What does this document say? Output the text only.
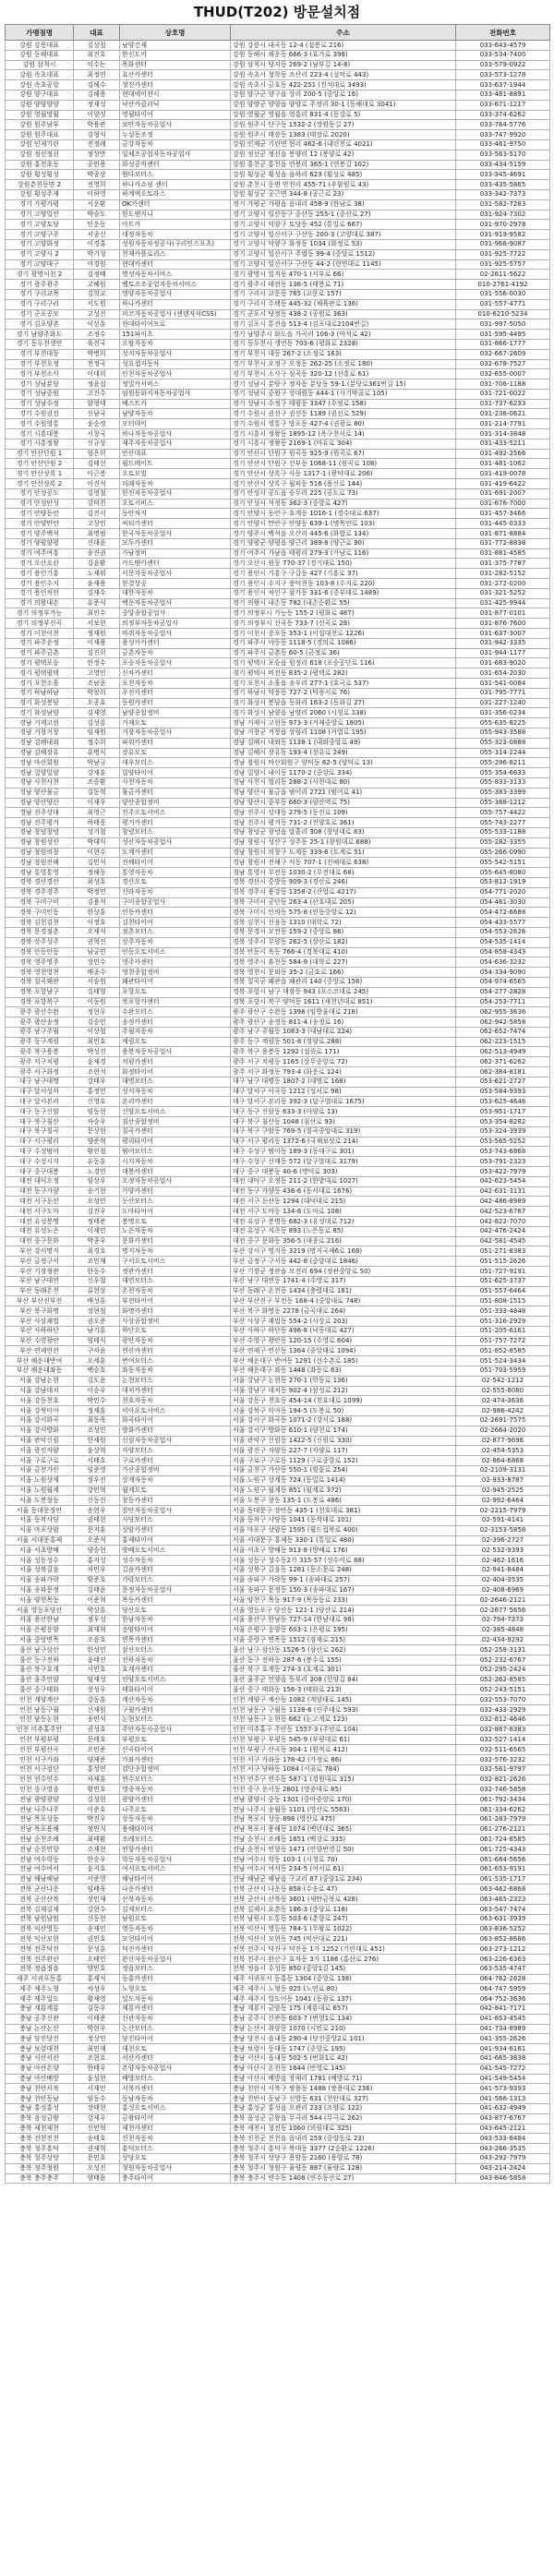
THUD(T202) 방문설치점
가맹점명	대표	상호명	주소	전화번호
강원 강릉대표	김상철	남양건재	강원 강릉시 내곡동 12-4 (접봉로 216)	033-643-4579
강원 동해대표	최진호	한신도어	강원 동해시 쇄운동 666-3 (효가로 398)	033-534-7400
강원 삼척시	이수는	목화센터	강원 삼척시 당저동 269-2 (남부길 14-8)	033-579-0922
강원 속초대표	최정연	효산카센터	강원 속초시 청학동 조산리 223-4 (설악로 443)	033-573-1278
강원 속초공항	김해수	청진카센터	강원 속초시 금호동 422-251 (진석대로 3493)	033-637-1944
강원 양구대표	김해용	현대에이전시	강원 양구군 양구읍 상리 200-5 (중앙로 16)	033-481-8891
강원 양양양양	정재성	낙산카클리닉	강원 양양군 양양읍 양양로 주정리 30-1 (동해대로 3041)	033-671-1217
강원 영월영월	이양성	영월타이어	강원 영월군 영월읍 영흥리 831-4 (동강로 5)	033-374-6262
강원 원주남부	박용관	보안자동차공업사	강원 원주시 단구동 1532-2 (장원동길 27)	033-764-5776
강원 원주대표	김형식	누설동조정	강원 원주시 태장동 1383 (태장로 2020)	033-747-9920
강원 인제기린	진정례	금강자동차	강원 인제군 기린면 현리 462-6 (내린천로 4021)	033-461-9750
강원 정선정선	정상만	일체조공업자동차공업사	강원 정선군 정선읍 봉양리 12 (봉양로 42)	033-563-5170
강원 홍천초동	공민용	화성공작센터	강원 홍천군 홍천읍 연봉리 365-1 (연봉길 102)	033-434-5159
강원 횡성횡성	박종상	원다모터스	강원 횡성군 횡성읍 읍하리 623 (횡성로 485)	033-345-4691
강원춘천동면 2	전영희	하나카쇼핑 센터	강원 춘천시 동면 만천리 455-71 (우함원로 43)	033-435-5865
강원 횡성주재	이하영	하계엑오토라스	강원 횡성군 공근면 344-8 (공근로 23)	033-342-7373
경기 가평가평	서운환	OK카센터	경기 가평군 가평읍 읍내리 458-9 (한남로 38)	031-582-7283
경기 고양일산	박승도	한도엔지니	경기 고양시 일산동구 중산동 255-1 (중산로 27)	031-924-7302
경기 고양토당	민운동	아트카	경기 고양시 덕양구 토당동 452 (통일로 667)	031-970-2978
경기 고양구주	서종신	대정자동차	경기 고양시 일산서구 구산동 200-3 (고양대로 387)	031-919-9582
경기 고양화정	이경홍	성원자동차정공사(구리민스포츠)	경기 고양시 덕양구 화정동 1034 (화정로 53)	031-966-9087
경기 고양시 2	박기청	천재카플로리스	경기 고양시 일산서구 주엽동 99-4 (중앙로 1512)	031-925-7722
경기 고양대구	이경원	현대카센터	경기 고양시 일산서구 구산동 44-2 (현연대로 1145)	031-925-5757
경기 광명이천 2	김정배	명성자동차서비스	경기 광명시 일직동 470-1 (서부로 66)	02-2611-5622
경기 광주광주	고혜원	벨토조조공업자동차서비스	경기 광주시 태전동 136-5 (태봉로 71)	010-2761-4192
경기 구리교목	김학교	영양자동차공업사	경기 구리시 교문동 765 (교문로 157)	031-556-0030
경기 구리구리	서도원	하나카센터	경기 구리시 수택동 445-32 (체육관로 136)	031-557-4771
경기 군포공모	고성진	미코자동차공업사 (센텐자식CSS)	경기 군포시 당정동 438-2 (공원로 363)	010-6210-5234
경기 김포양촌	이상훈	현대타이어프로	경기 김포시 통진읍 513-4 (김포대로2104번길)	031-997-5050
경기 남양주화도	조정수	151파이츠	경기 남양주시 화도읍 가곡리 106-3 (마석로 42)	031-595-4495
경기 동두천생연	육진국	오팔자동차	경기 동두천시 생연동 703-6 (평화로 2328)	031-866-1777
경기 부천대동	박병희	성지자동차공업사	경기 부천시 대동 267-2 (소정로 163)	032-667-2609
경기 부천오정	전정국	성요셉자동차	경기 부천시 오정구 오정동 262-25 (소정로 180)	032-678-7527
경기 부천소사	이대희	인천자동차공업사	경기 부천시 소사구 심곡동 320-12 (신흥로 61)	032-655-0007
경기 성남분당	정윤섭	정밀카서비스	경기 성남시 분당구 정자동 분당동 59-1 (분당로361번길 15)	031-706-1188
경기 성남중원	고진수	임원동화지자동차공업사	경기 성남시 중원구 상대원동 444-1 (사기막골로 105)	031-721-0022
경기 성남수정	함형태	베스트카	경기 성남시 수정구 태평동 3347 (수정로 158)	031-737-6233
경기 수원권선	신남국	남양자동차	경기 수원시 권선구 권선동 1189 (권선로 529)	031-236-0621
경기 수원영통	윤순정	모터데이	경기 수원시 영통구 망포동 427-4 (권광로 80)	031-214-7791
경기 시흥대봉	서창국	하나자동차공업사	경기 시흥시 정왕동 1895-12 (옥구천서로 14)	031-314-3848
경기 시흥정왕	신규상	재주자동차공업사	경기 시흥시 정왕동 2169-1 (마유로 304)	031-433-5211
경기 안산단원 1	엄은희	안산대표	경기 안산시 단원구 원곡동 925-9 (원곡로 67)	031-492-2566
경기 안산단원 2	김태선	월드메이트	경기 안산시 단원구 선부동 1068-11 (원곡로 108)	031-481-1062
경기 안산상록 1	이근봉	오토모빌	경기 안산시 상록구 사동 1317-1 (광덕대로 206)	031-419-0078
경기 안산상록 2	이진석	미래자동차	경기 안산시 상록구 월피동 516 (용신로 144)	031-419-6422
경기 안성공도	김영철	한진자동차공업사	경기 안성시 공도읍 승두리 225 (공도로 73)	031-691-2007
경기 안성안성	강덕천	오토서비스	경기 안성시 석정동 362-3 (중앙로 427)	031-676-7000
경기 안양동안	김진서	동안차지	경기 안양시 동안구 호계동 1016-1 (경수대로 637)	031-457-3466
경기 안양만안	고상민	씨티카센터	경기 안양시 만안구 안양동 639-1 (병목안로 103)	031-445-0333
경기 양주백석	최명범	한국자동차공업사	경기 양주시 백석읍 오산리 445-6 (화합로 134)	031-871-8884
경기 양평양평	신대윤	모두카센터	경기 양평군 양평읍 양근리 389-8 (양근로 90)	031-772-8838
경기 여주여흥	송진권	가남정비	경기 여주시 가남읍 태평리 279-3 (가남로 116)	031-881-4585
경기 오산오산	김윤환	카드맨카센터	경기 오산시 원동 770-37 (경기대로 150)	031-375-7787
경기 용인기흥	노재휘	서문자동차공업사	경기 용인시 기흥구 구갈동 427 (기흥로 37)	031-282-5152
경기 용인수지	윤재용	한결상공	경기 용인시 수지구 풍덕천동 103-8 (수지로 220)	031-272-0200
경기 용인처인	김재수	대한자동차	경기 용인시 처인구 삼가동 331-6 (중부대로 1489)	031-321-5252
경기 의왕내손	유준식	백운자동차공업사	경기 의왕시 내손동 782 (내손순환로 55)	031-425-9944
경기 의정부가능	최인수	중앙종합공업사	경기 의정부시 가능동 155-2 (평화로 487)	031-877-0101
경기 의정부신곡	서보현	의정부자동차공업사	경기 의정부시 신곡동 733-7 (신곡로 28)	031-876-7600
경기 이천이천	정재원	바퀴자동차공업사	경기 이천시 증포동 353-1 (이섭대천로 1226)	031-637-3007
경기 파주운정	이재용	용성카카센터	경기 파주시 야동동 1118-5 (경의로 1086)	031-942-3335
경기 파주금촌	김진희	금촌자동차	경기 파주시 금촌동 60-5 (금정로 36)	031-944-1177
경기 평택포승	한정수	포승자동차공업사	경기 평택시 포승읍 원정리 618 (포승공단로 116)	031-683-9020
경기 평택평택	고영민	신차카센터	경기 평택시 비전동 835-2 (평택로 282)	031-654-2030
경기 포천소흘	조남윤	포천자동차	경기 포천시 소흘읍 송우리 277-1 (호국로 537)	031-541-0084
경기 하남하남	박창희	우진카센터	경기 하남시 덕풍동 727-2 (덕풍서로 76)	031-795-7771
경기 화성봉담	오종호	동원카센터	경기 화성시 봉담읍 동화리 163-2 (동화길 27)	031-227-1240
경기 화성남양	김재영	남양종합정비	경기 화성시 남양읍 남양리 2060 (시청로 138)	031-356-0234
경남 거제고현	김성룡	거제오토	경남 거제시 고현동 973-3 (거제중앙로 1805)	055-635-8225
경남 거창거창	임재원	거창자동차공업사	경남 거창군 거창읍 상림리 1108 (거열로 195)	055-943-3588
경남 김해내외	정수희	파워카센터	경남 김해시 내외동 1138-1 (내외중앙로 49)	055-323-0888
경남 김해장유	유명식	장유오토	경남 김해시 장유동 193-4 (장유로 249)	055-314-2244
경남 마산회원	박남규	대우모터스	경남 창원시 마산회원구 양덕동 82-5 (양덕로 13)	055-296-8211
경남 밀양밀양	강재훈	밀양타이어	경남 밀양시 내이동 1170-2 (중앙로 334)	055-354-6633
경남 사천사천	조승환	사천자동차	경남 사천시 벌리동 288-2 (사천대로 80)	055-833-3133
경남 양산물금	김동혁	물금카센터	경남 양산시 물금읍 범어리 2721 (범어로 41)	055-383-3399
경남 양산양산	이재우	양산종합정비	경남 양산시 중부동 660-3 (양산역로 75)	055-388-1212
경남 진주상대	최영근	진주오토서비스	경남 진주시 상대동 279-5 (동진로 109)	055-757-4422
경남 진주평거	하태웅	평거카센터	경남 진주시 평거동 731-2 (진양호로 361)	055-743-2277
경남 창녕창녕	성기철	창녕모터스	경남 창녕군 창녕읍 말흘리 308 (창녕대로 83)	055-533-1188
경남 창원성산	박대식	성산자동차공업사	경남 창원시 성산구 성주동 25-1 (창원대로 688)	055-282-3355
경남 창원의창	이현수	도계카센터	경남 창원시 의창구 도계동 339-6 (도계로 51)	055-266-0990
경남 창원진해	김민석	진해타이어	경남 창원시 진해구 석동 707-1 (진해대로 638)	055-542-5151
경남 통영통영	정해동	통영자동차	경남 통영시 무전동 1030-2 (무전대로 68)	055-645-8080
경북 경산경산	최성호	경산오토	경북 경산시 중방동 909-3 (경산로 246)	053-812-1919
경북 경주경주	박정민	신라자동차	경북 경주시 용강동 1358-2 (산업로 4217)	054-771-2020
경북 구미구미	김용석	구미종합공업사	경북 구미시 공단동 263-4 (산호대로 205)	054-461-3030
경북 구미인동	한상훈	인동카센터	경북 구미시 인의동 575-8 (인동중앙로 12)	054-472-6688
경북 김천김천	이정호	김천타이어	경북 김천시 신음동 1310 (대학로 72)	054-433-5577
경북 문경점촌	오재석	점촌모터스	경북 문경시 모전동 159-2 (중앙로 86)	054-553-2626
경북 상주상주	권혁진	상주자동차	경북 상주시 무양동 262-5 (상산로 182)	054-535-1414
경북 안동안동	남궁민	안동오토서비스	경북 안동시 옥동 766-4 (경북대로 410)	054-858-4343
경북 영주영주	장민수	영주카센터	경북 영주시 휴천동 584-9 (대학로 227)	054-636-3232
경북 영천영천	배종수	영천종합정비	경북 영천시 문외동 35-2 (금호로 166)	054-334-9090
경북 칠곡왜관	서승원	왜관타이어	경북 칠곡군 왜관읍 왜관리 140 (중앙로 158)	054-974-6565
경북 포항남구	김태형	포항오토	경북 포항시 남구 대잠동 943 (포스코대로 245)	054-277-2828
경북 포항북구	이동원	북포항카센터	경북 포항시 북구 양덕동 1611 (새천년대로 851)	054-253-7711
광주 광산수완	정현우	수완모터스	광주 광산구 수완동 1398 (임방울대로 218)	062-955-3636
광주 광산송정	김승민	송정카센터	광주 광산구 송정동 811-4 (송정로 16)	062-942-5858
광주 남구주월	이상철	주월자동차	광주 남구 주월동 1083-3 (대남대로 224)	062-652-7474
광주 동구계림	최민호	계림오토	광주 동구 계림동 501-8 (경양로 288)	062-223-1515
광주 북구용봉	박성진	용봉자동차공업사	광주 북구 용봉동 1292 (설죽로 171)	062-513-4949
광주 서구치평	윤재경	치평카센터	광주 서구 치평동 1165 (상무중앙로 72)	062-371-6262
광주 서구화정	조현석	화정타이어	광주 서구 화정동 793-4 (화운로 124)	062-384-8181
대구 남구대명	강태우	대명모터스	대구 남구 대명동 1807-2 (대명로 168)	053-621-2727
대구 달서성서	홍정민	성서자동차	대구 달서구 이곡동 1212 (성서로 98)	053-584-9393
대구 달서본리	신영호	본리카센터	대구 달서구 본리동 392-3 (달구벌대로 1675)	053-625-4646
대구 동구신암	임동현	신암오토서비스	대구 동구 신암동 633-3 (아양로 13)	053-951-1717
대구 북구침산	차승우	침산종합정비	대구 북구 침산동 1048 (침산로 93)	053-354-8282
대구 북구칠곡	문상현	칠곡카센터	대구 북구 구암동 769-5 (칠곡중앙대로 319)	053-324-3939
대구 서구평리	양준혁	평리타이어	대구 서구 평리동 1372-6 (국채보상로 214)	053-565-5252
대구 수성범어	황인철	범어모터스	대구 수성구 범어동 189-3 (동대구로 301)	053-743-6868
대구 수성시지	유동훈	시지자동차	대구 수성구 신매동 572 (달구벌대로 3179)	053-791-2323
대구 중구대봉	노경민	대봉카센터	대구 중구 대봉동 40-6 (명덕로 303)	053-422-7979
대전 대덕오정	임상우	오정자동차공업사	대전 대덕구 오정동 211-2 (한밭대로 1027)	042-623-5454
대전 동구가양	송기현	가양카센터	대전 동구 가양동 436-6 (동서대로 1676)	042-631-3131
대전 서구둔산	오성민	둔산모터스	대전 서구 둔산동 1294 (대덕대로 215)	042-486-8989
대전 서구도마	김진우	도마타이어	대전 서구 도마동 134-6 (도마로 108)	042-523-6767
대전 유성봉명	정태준	봉명오토	대전 유성구 봉명동 682-3 (유성대로 712)	042-822-7070
대전 유성노은	이재민	노은자동차	대전 유성구 지족동 893 (노은동로 85)	042-476-2424
대전 중구문화	박종우	문화카센터	대전 중구 문화동 356-5 (대종로 216)	042-581-4545
부산 강서명지	최경호	명지자동차	부산 강서구 명지동 3219 (명지국제6로 168)	051-271-8383
부산 금정구서	조민재	구서오토서비스	부산 금정구 구서동 442-8 (중앙대로 1846)	051-515-2626
부산 기장정관	한동수	정관카센터	부산 기장군 정관읍 모전리 694 (정관중앙로 50)	051-727-9191
부산 남구대연	신우철	대연모터스	부산 남구 대연동 1741-4 (수영로 317)	051-625-3737
부산 동래온천	류현상	온천자동차	부산 동래구 온천동 1434 (충렬대로 181)	051-557-6464
부산 부산진부전	배성훈	부전타이어	부산 부산진구 부전동 168-4 (중앙대로 748)	051-808-1515
부산 북구화명	장현철	화명카센터	부산 북구 화명동 2278 (금곡대로 264)	051-333-4848
부산 사상괘법	권오준	사상종합정비	부산 사상구 괘법동 554-2 (사상로 203)	051-316-2929
부산 사하하단	남기훈	하단오토	부산 사하구 하단동 496-8 (낙동대로 427)	051-205-6161
부산 수영광안	엄태식	광안자동차	부산 수영구 광안동 120-15 (수영로 604)	051-757-7272
부산 연제연산	구자윤	연산카센터	부산 연제구 연산동 1364 (중앙대로 1094)	051-852-8585
부산 해운대반여	오세훈	반여모터스	부산 해운대구 반여동 1291 (선수촌로 185)	051-524-3434
부산 해운대좌동	백승호	좌동자동차	부산 해운대구 좌동 1448 (좌동로 63)	051-703-5959
서울 강남논현	김도윤	논현모터스	서울 강남구 논현동 270-1 (학동로 136)	02-542-1212
서울 강남대치	이승우	대치카센터	서울 강남구 대치동 902-4 (삼성로 212)	02-555-8080
서울 강동천호	박민수	천호자동차	서울 강동구 천호동 454-14 (천호대로 1099)	02-474-3636
서울 강북미아	정재훈	미아오토서비스	서울 강북구 미아동 194-5 (도봉로 50)	02-986-4242
서울 강서화곡	최동욱	화곡타이어	서울 강서구 화곡동 1071-2 (강서로 188)	02-2691-7575
서울 강서방화	조성민	방화카센터	서울 강서구 방화동 610-1 (양천로 174)	02-2664-2020
서울 관악신림	한재원	신림자동차공업사	서울 관악구 신림동 1422-5 (신림로 330)	02-877-9696
서울 광진자양	윤상혁	자양모터스	서울 광진구 자양동 227-7 (자양로 117)	02-454-5353
서울 구로구로	서태호	구로카센터	서울 구로구 구로동 1129 (구로중앙로 152)	02-864-6868
서울 금천가산	임준영	가산종합정비	서울 금천구 가산동 550-1 (벚꽃로 254)	02-2109-3131
서울 노원상계	장우진	상계자동차	서울 노원구 상계동 724 (동일로 1414)	02-933-8787
서울 노원월계	강민혁	월계오토	서울 노원구 월계동 851 (월계로 372)	02-945-2525
서울 도봉창동	신동진	창동카센터	서울 도봉구 창동 135-1 (도봉로 486)	02-992-6464
서울 동대문장안	송현우	장안자동차공업사	서울 동대문구 장안동 435-1 (천호대로 381)	02-2215-7979
서울 동작사당	권태현	사당모터스	서울 동작구 사당동 1041 (동작대로 101)	02-591-4141
서울 마포상암	문지훈	상암카센터	서울 마포구 상암동 1595 (월드컵북로 400)	02-3153-5858
서울 서대문홍제	오준석	홍제타이어	서울 서대문구 홍제동 330-1 (통일로 480)	02-396-2727
서울 서초방배	양승현	방배오토서비스	서울 서초구 방배동 913-8 (방배로 176)	02-532-9393
서울 성동성수	홍지성	성수자동차	서울 성동구 성수동2가 315-57 (성수이로 88)	02-462-1616
서울 성북길음	차민우	길음카센터	서울 성북구 길음동 1281 (동소문로 248)	02-941-8484
서울 송파가락	황준호	가락모터스	서울 송파구 가락동 99-1 (송파대로 257)	02-404-3535
서울 송파문정	김태윤	문정자동차공업사	서울 송파구 문정동 150-3 (송파대로 167)	02-408-6969
서울 양천목동	이준혁	목동카센터	서울 양천구 목동 917-9 (목동동로 233)	02-2646-2121
서울 영등포당산	박상훈	당산오토	서울 영등포구 당산동 121-1 (당산로 214)	02-2677-5656
서울 용산한남	정우성	한남자동차	서울 용산구 한남동 727-14 (한남대로 98)	02-794-7373
서울 은평응암	최재혁	응암타이어	서울 은평구 응암동 603-1 (은평로 195)	02-385-4848
서울 중랑면목	조윤호	면목카센터	서울 중랑구 면목동 1512 (겸재로 215)	02-434-9292
울산 남구삼산	한성민	삼산모터스	울산 남구 삼산동 1526-5 (삼산로 262)	052-258-3131
울산 동구전하	윤태진	전하자동차	울산 동구 전하동 287-6 (봉수로 155)	052-232-6767
울산 북구호계	서민호	호계카센터	울산 북구 호계동 274-3 (호계로 301)	052-295-2424
울산 울주언양	임재성	언양오토서비스	울산 울주군 언양읍 동부리 308 (헌양길 84)	052-262-8585
울산 중구태화	장성우	태화타이어	울산 중구 태화동 156-3 (태화로 213)	052-243-5151
인천 계양계산	강동훈	계산자동차	인천 계양구 계산동 1082 (계양대로 145)	032-553-7070
인천 남동구월	신재원	구월카센터	인천 남동구 구월동 1138-6 (인주대로 593)	032-433-2929
인천 남동논현	송민석	논현모터스	인천 남동구 논현동 662 (논고개로 123)	032-812-4646
인천 미추홀주안	권성호	주안자동차공업사	인천 미추홀구 주안동 1557-3 (주안로 104)	032-867-8383
인천 부평부평	문태호	부평오토	인천 부평구 부평동 545-9 (부평대로 61)	032-527-1414
인천 부평산곡	오민준	산곡타이어	인천 부평구 산곡동 304-1 (원적로 412)	032-511-6565
인천 서구가좌	양재준	가좌카센터	인천 서구 가좌동 178-42 (가정로 86)	032-576-3232
인천 서구검단	홍성민	검단종합정비	인천 서구 당하동 1084 (서곶로 784)	032-561-9797
인천 연수연수	차재훈	연수모터스	인천 연수구 연수동 587-1 (경원대로 315)	032-821-2626
인천 중구영종	황민호	영종자동차	인천 중구 운서동 2801 (영종대로 85)	032-746-5858
전남 광양광양	김성현	광양카센터	전남 광양시 중동 1301 (중마중앙로 170)	061-792-3434
전남 나주나주	이준호	나주오토	전남 나주시 송월동 1101 (영산로 5563)	061-334-6262
전남 목포상동	박진우	상동자동차	전남 목포시 상동 898 (영산로 475)	061-283-7979
전남 목포용해	정민석	용해타이어	전남 목포시 용해동 1074 (백년대로 365)	061-276-2121
전남 순천조례	최태환	조례모터스	전남 순천시 조례동 1651 (백강로 335)	061-724-8585
전남 순천연향	조재현	연향카센터	전남 순천시 연향동 1471 (연향번영길 50)	061-725-4343
전남 여수학동	한승우	학동자동차공업사	전남 여수시 학동 103-1 (시청로 70)	061-684-5656
전남 여수여서	윤지호	여서오토서비스	전남 여수시 여서동 234-5 (여서로 61)	061-653-9191
전남 해남해남	서준영	해남타이어	전남 해남군 해남읍 구교리 87 (중앙1로 234)	061-535-1717
전북 군산나운	임태욱	나운카센터	전북 군산시 나운동 858 (수송로 47)	063-462-6868
전북 군산산북	장민재	산북자동차	전북 군산시 산북동 3601 (새만금북로 428)	063-465-2323
전북 김제김제	강현수	김제모터스	전북 김제시 요촌동 186-3 (중앙로 118)	063-547-7474
전북 남원남원	신동현	남원오토	전북 남원시 도통동 503-6 (춘향로 247)	063-631-3939
전북 익산영등	송재민	영등자동차	전북 익산시 영등동 784-1 (무왕로 1022)	063-836-5252
전북 익산모현	권민호	모현타이어	전북 익산시 모현동 745 (익산대로 221)	063-852-8686
전북 전주덕진	문성훈	덕진카센터	전북 전주시 덕진구 덕진동 1가 1252 (기린대로 451)	063-273-1212
전북 전주완산	오태민	완산자동차공업사	전북 전주시 완산구 효자동 3가 1186 (홍산로 276)	063-226-6363
전북 정읍정읍	양민호	정읍모터스	전북 정읍시 수성동 850 (중앙1길 145)	063-535-4747
제주 서귀포동홍	홍재석	동홍카센터	제주 서귀포시 동홍동 1304 (중앙로 138)	064-762-2828
제주 제주노형	차성우	노형오토	제주 제주시 노형동 925 (노연로 80)	064-747-5959
제주 제주일도	황재영	일도자동차	제주 제주시 일도이동 1041 (동광로 137)	064-752-3636
충남 계룡계룡	김동우	계룡카센터	충남 계룡시 금암동 175 (계룡대로 657)	042-841-7171
충남 공주신관	이태준	신관자동차	충남 공주시 신관동 603-7 (번영1로 134)	041-853-4545
충남 논산논산	박현우	논산모터스	충남 논산시 취암동 1070 (시민로 210)	041-734-8989
충남 당진당진	정상민	당진타이어	충남 당진시 읍내동 290-4 (당진중앙2로 101)	041-355-2626
충남 보령대천	최민재	대천오토	충남 보령시 동대동 1747 (중앙로 195)	041-934-6161
충남 서산서산	조현호	서산카센터	충남 서산시 읍내동 502-5 (번화1로 42)	041-665-3838
충남 아산온양	한태우	온양자동차공업사	충남 아산시 온천동 1644 (번영로 145)	041-545-7272
충남 아산배방	윤성현	배방모터스	충남 아산시 배방읍 장재리 1781 (배방로 71)	041-549-5454
충남 천안서북	서재민	서북카센터	충남 천안시 서북구 쌍용동 1488 (쌍용대로 236)	041-573-9393
충남 천안동남	임동수	동남자동차	충남 천안시 동남구 신방동 631 (천안대로 327)	041-566-1313
충남 홍성홍성	장태현	홍성오토서비스	충남 홍성군 홍성읍 오관리 233 (조양로 122)	041-632-4949
충북 음성금왕	강재우	금왕타이어	충북 음성군 금왕읍 무극리 544 (무극로 262)	043-877-6767
충북 제천제천	신민혁	제천카센터	충북 제천시 청전동 1060 (의림대로 325)	043-645-2121
충북 진천진천	송태호	진천자동차	충북 진천군 진천읍 읍내리 259 (중앙동로 23)	043-533-8484
충북 청주흥덕	권재혁	흥덕모터스	충북 청주시 흥덕구 복대동 3377 (2순환로 1226)	043-266-3535
충북 청주상당	문민호	상당오토	충북 청주시 상당구 용암동 2160 (용암로 78)	043-292-7979
충북 청주청원	오성진	청원자동차공업사	충북 청주시 청원구 율량동 887 (율량로 128)	043-214-2424
충북 충주충주	양태윤	충주타이어	충북 충주시 연수동 1408 (연수동산로 27)	043-846-5858
